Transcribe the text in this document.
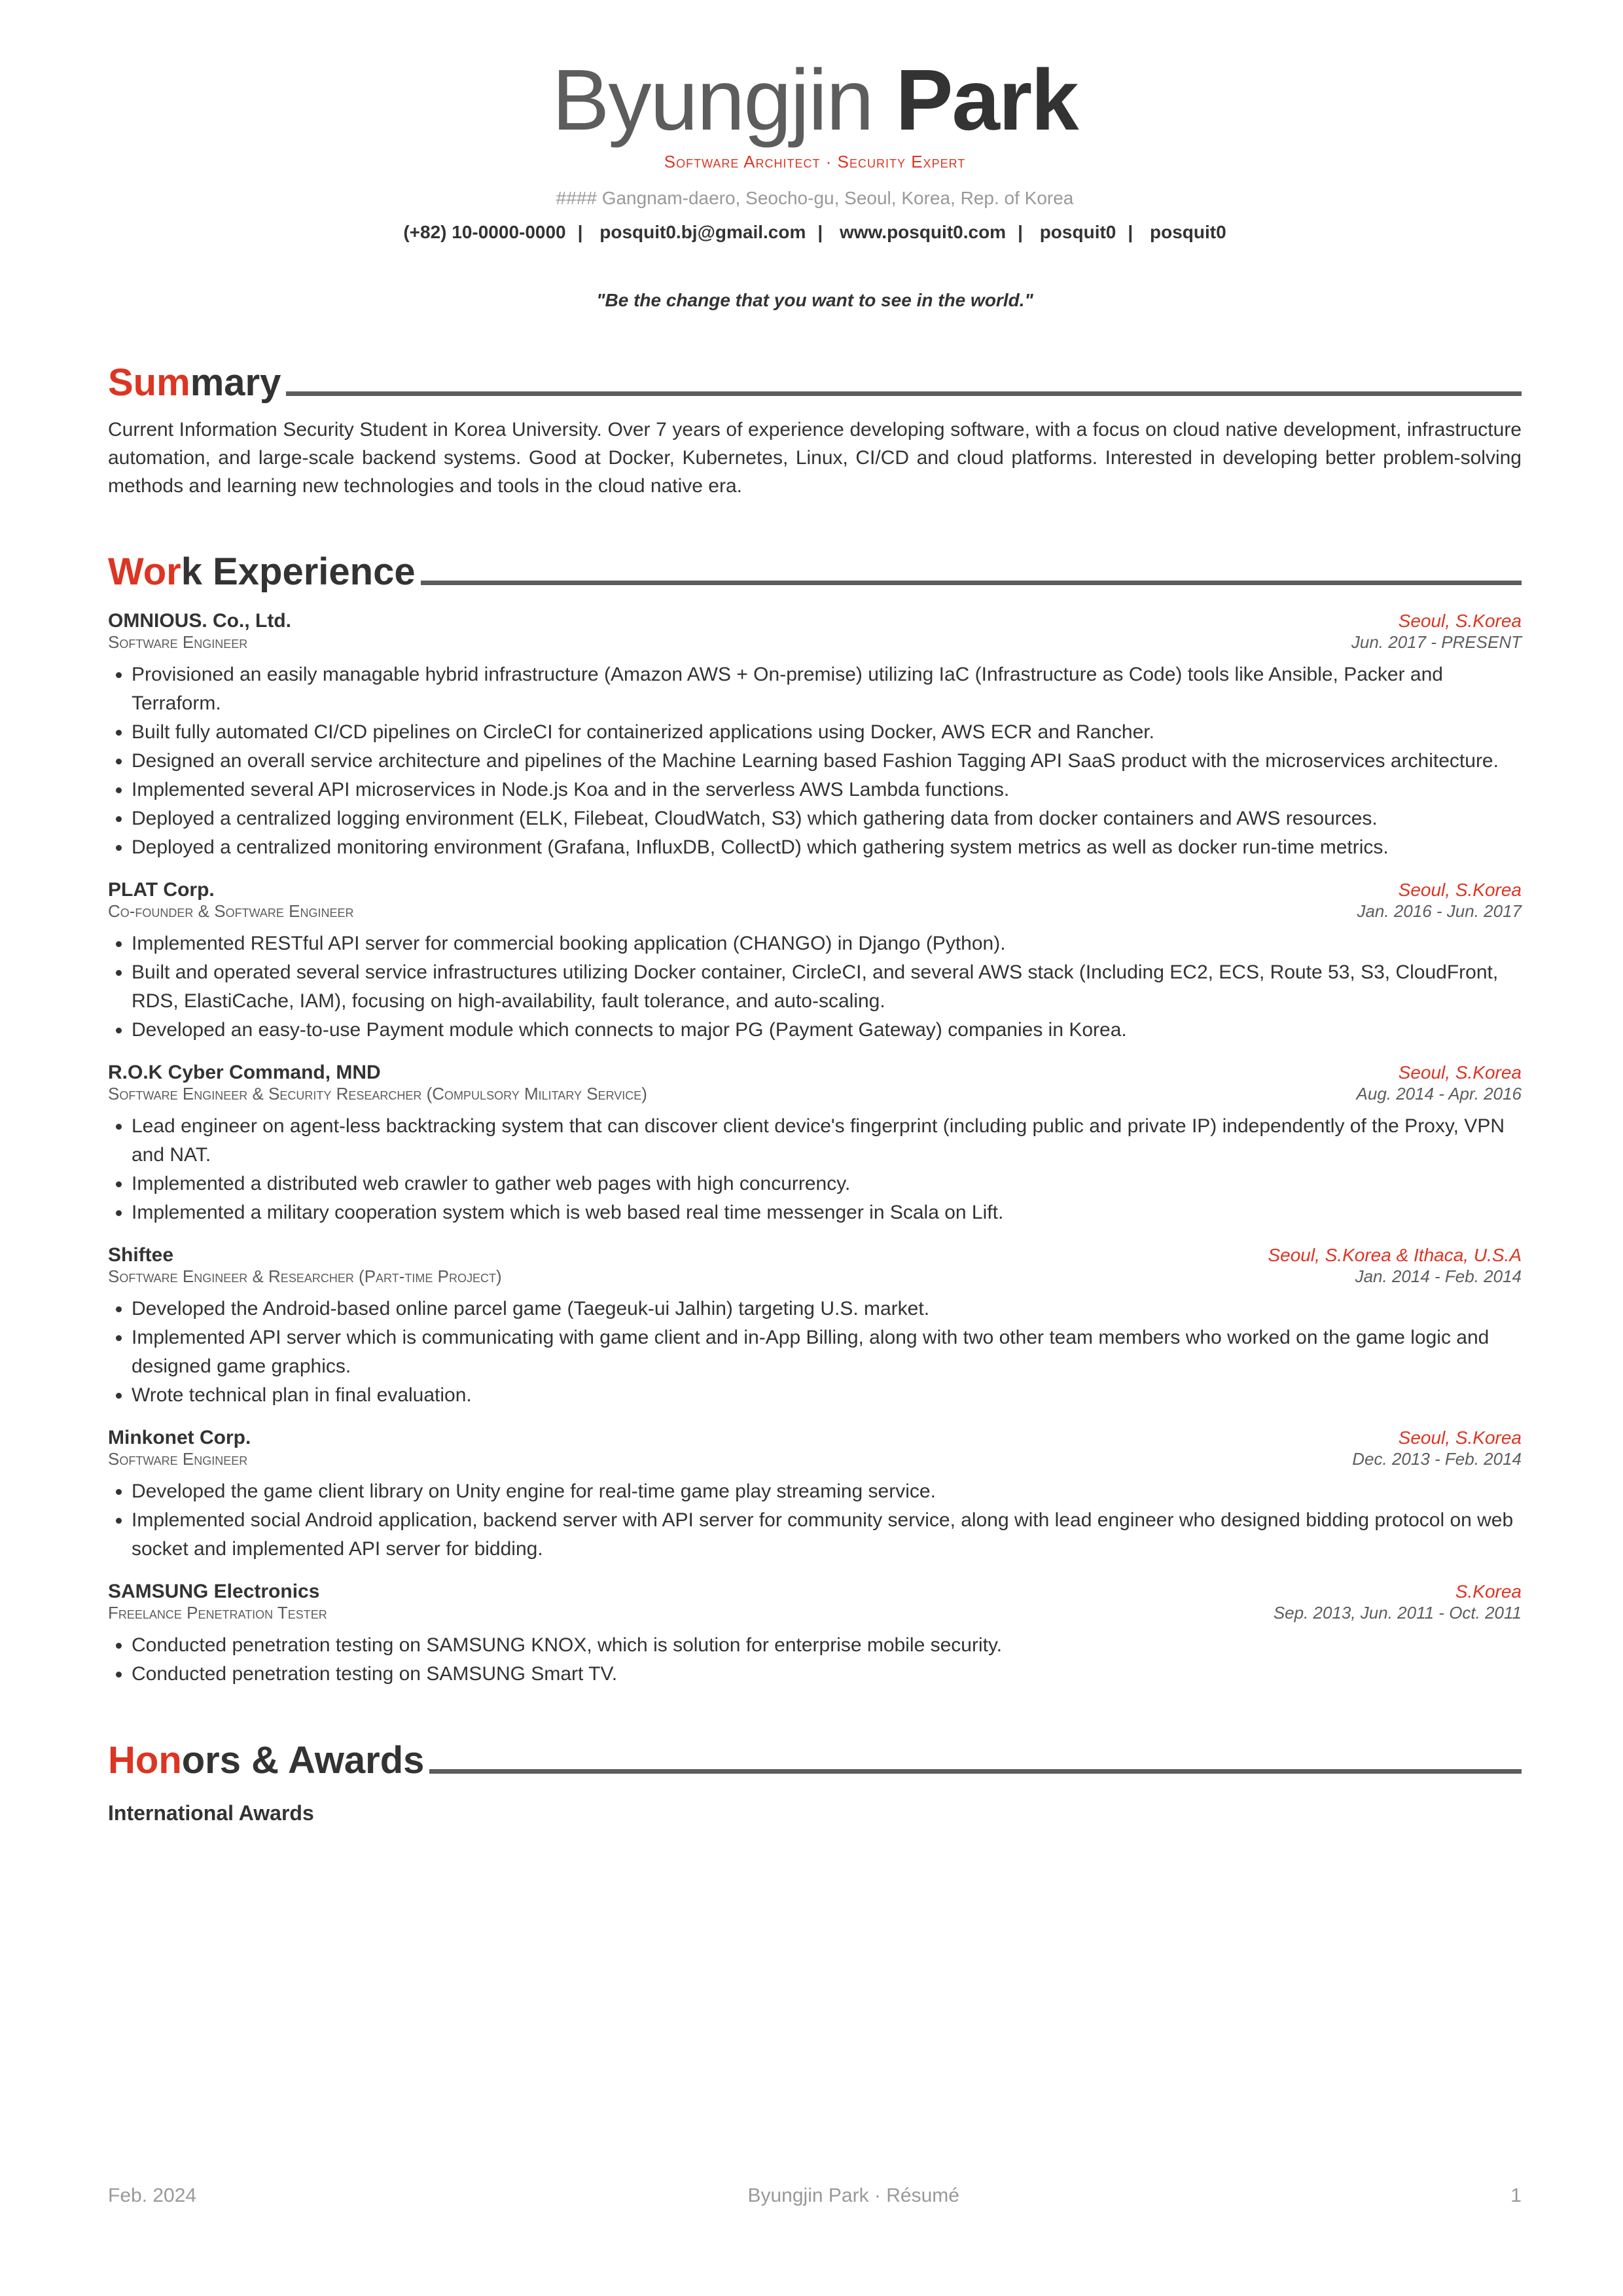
Byungjin Park
Software Architect · Security Expert
#### Gangnam-daero, Seocho-gu, Seoul, Korea, Rep. of Korea
(+82) 10-0000-0000 | posquit0.bj@gmail.com | www.posquit0.com | posquit0 | posquit0
"Be the change that you want to see in the world."
Sum mary
Current Information Security Student in Korea University. Over 7 years of experience developing software, with a focus on cloud native development, infrastructure automation, and large-scale backend systems. Good at Docker, Kubernetes, Linux, CI/CD and cloud platforms. Interested in developing better problem-solving methods and learning new technologies and tools in the cloud native era.
Wor k Experience
OMNIOUS. Co., Ltd.	Seoul, S.Korea
Software Engineer	Jun. 2017 - PRESENT
• Provisioned an easily managable hybrid infrastructure (Amazon AWS + On-premise) utilizing IaC (Infrastructure as Code) tools like Ansible, Packer and Terraform.
• Built fully automated CI/CD pipelines on CircleCI for containerized applications using Docker, AWS ECR and Rancher.
• Designed an overall service architecture and pipelines of the Machine Learning based Fashion Tagging API SaaS product with the microservices architecture.
• Implemented several API microservices in Node.js Koa and in the serverless AWS Lambda functions.
• Deployed a centralized logging environment (ELK, Filebeat, CloudWatch, S3) which gathering data from docker containers and AWS resources.
• Deployed a centralized monitoring environment (Grafana, InfluxDB, CollectD) which gathering system metrics as well as docker run-time metrics.
PLAT Corp.	Seoul, S.Korea
Co-founder & Software Engineer	Jan. 2016 - Jun. 2017
• Implemented RESTful API server for commercial booking application (CHANGO) in Django (Python).
• Built and operated several service infrastructures utilizing Docker container, CircleCI, and several AWS stack (Including EC2, ECS, Route 53, S3, CloudFront, RDS, ElastiCache, IAM), focusing on high-availability, fault tolerance, and auto-scaling.
• Developed an easy-to-use Payment module which connects to major PG (Payment Gateway) companies in Korea.
R.O.K Cyber Command, MND	Seoul, S.Korea
Software Engineer & Security Researcher (Compulsory Military Service)	Aug. 2014 - Apr. 2016
• Lead engineer on agent-less backtracking system that can discover client device's fingerprint (including public and private IP) independently of the Proxy, VPN and NAT.
• Implemented a distributed web crawler to gather web pages with high concurrency.
• Implemented a military cooperation system which is web based real time messenger in Scala on Lift.
Shiftee	Seoul, S.Korea & Ithaca, U.S.A
Software Engineer & Researcher (Part-time Project)	Jan. 2014 - Feb. 2014
• Developed the Android-based online parcel game (Taegeuk-ui Jalhin) targeting U.S. market.
• Implemented API server which is communicating with game client and in-App Billing, along with two other team members who worked on the game logic and designed game graphics.
• Wrote technical plan in final evaluation.
Minkonet Corp.	Seoul, S.Korea
Software Engineer	Dec. 2013 - Feb. 2014
• Developed the game client library on Unity engine for real-time game play streaming service.
• Implemented social Android application, backend server with API server for community service, along with lead engineer who designed bidding protocol on web socket and implemented API server for bidding.
SAMSUNG Electronics	S.Korea
Freelance Penetration Tester	Sep. 2013, Jun. 2011 - Oct. 2011
• Conducted penetration testing on SAMSUNG KNOX, which is solution for enterprise mobile security.
• Conducted penetration testing on SAMSUNG Smart TV.
Hon ors & Awards
International Awards
Feb. 2024	Byungjin Park · Résumé	1
